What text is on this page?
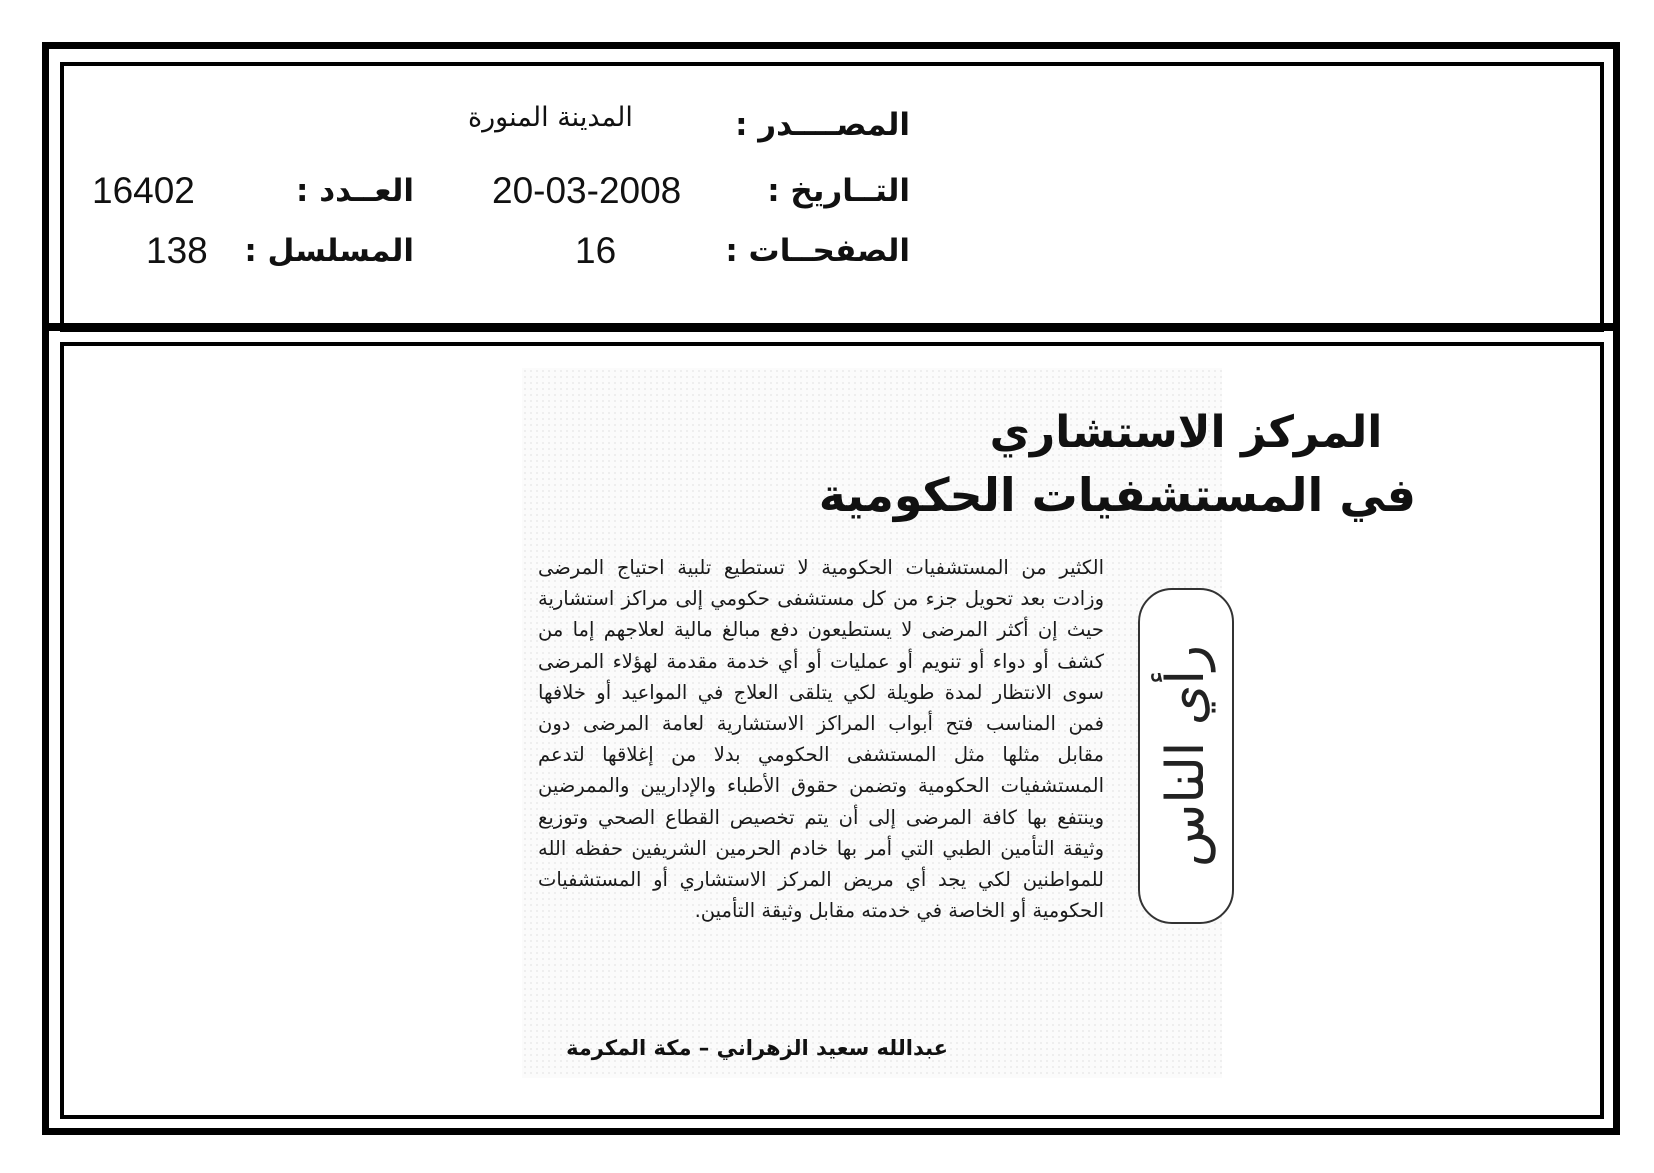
المصــــدر :
المدينة المنورة
التــاريخ :
20-03-2008
العــدد :
16402
الصفحــات :
16
المسلسل :
138
المركز الاستشاري
في المستشفيات الحكومية
الكثير من المستشفيات الحكومية لا تستطيع تلبية احتياج المرضى وزادت بعد تحويل جزء من كل مستشفى حكومي إلى مراكز استشارية حيث إن أكثر المرضى لا يستطيعون دفع مبالغ مالية لعلاجهم إما من كشف أو دواء أو تنويم أو عمليات أو أي خدمة مقدمة لهؤلاء المرضى سوى الانتظار لمدة طويلة لكي يتلقى العلاج في المواعيد أو خلافها فمن المناسب فتح أبواب المراكز الاستشارية لعامة المرضى دون مقابل مثلها مثل المستشفى الحكومي بدلا من إغلاقها لتدعم المستشفيات الحكومية وتضمن حقوق الأطباء والإداريين والممرضين وينتفع بها كافة المرضى إلى أن يتم تخصيص القطاع الصحي وتوزيع وثيقة التأمين الطبي التي أمر بها خادم الحرمين الشريفين حفظه الله للمواطنين لكي يجد أي مريض المركز الاستشاري أو المستشفيات الحكومية أو الخاصة في خدمته مقابل وثيقة التأمين.
عبدالله سعيد الزهراني – مكة المكرمة
رأي الناس
